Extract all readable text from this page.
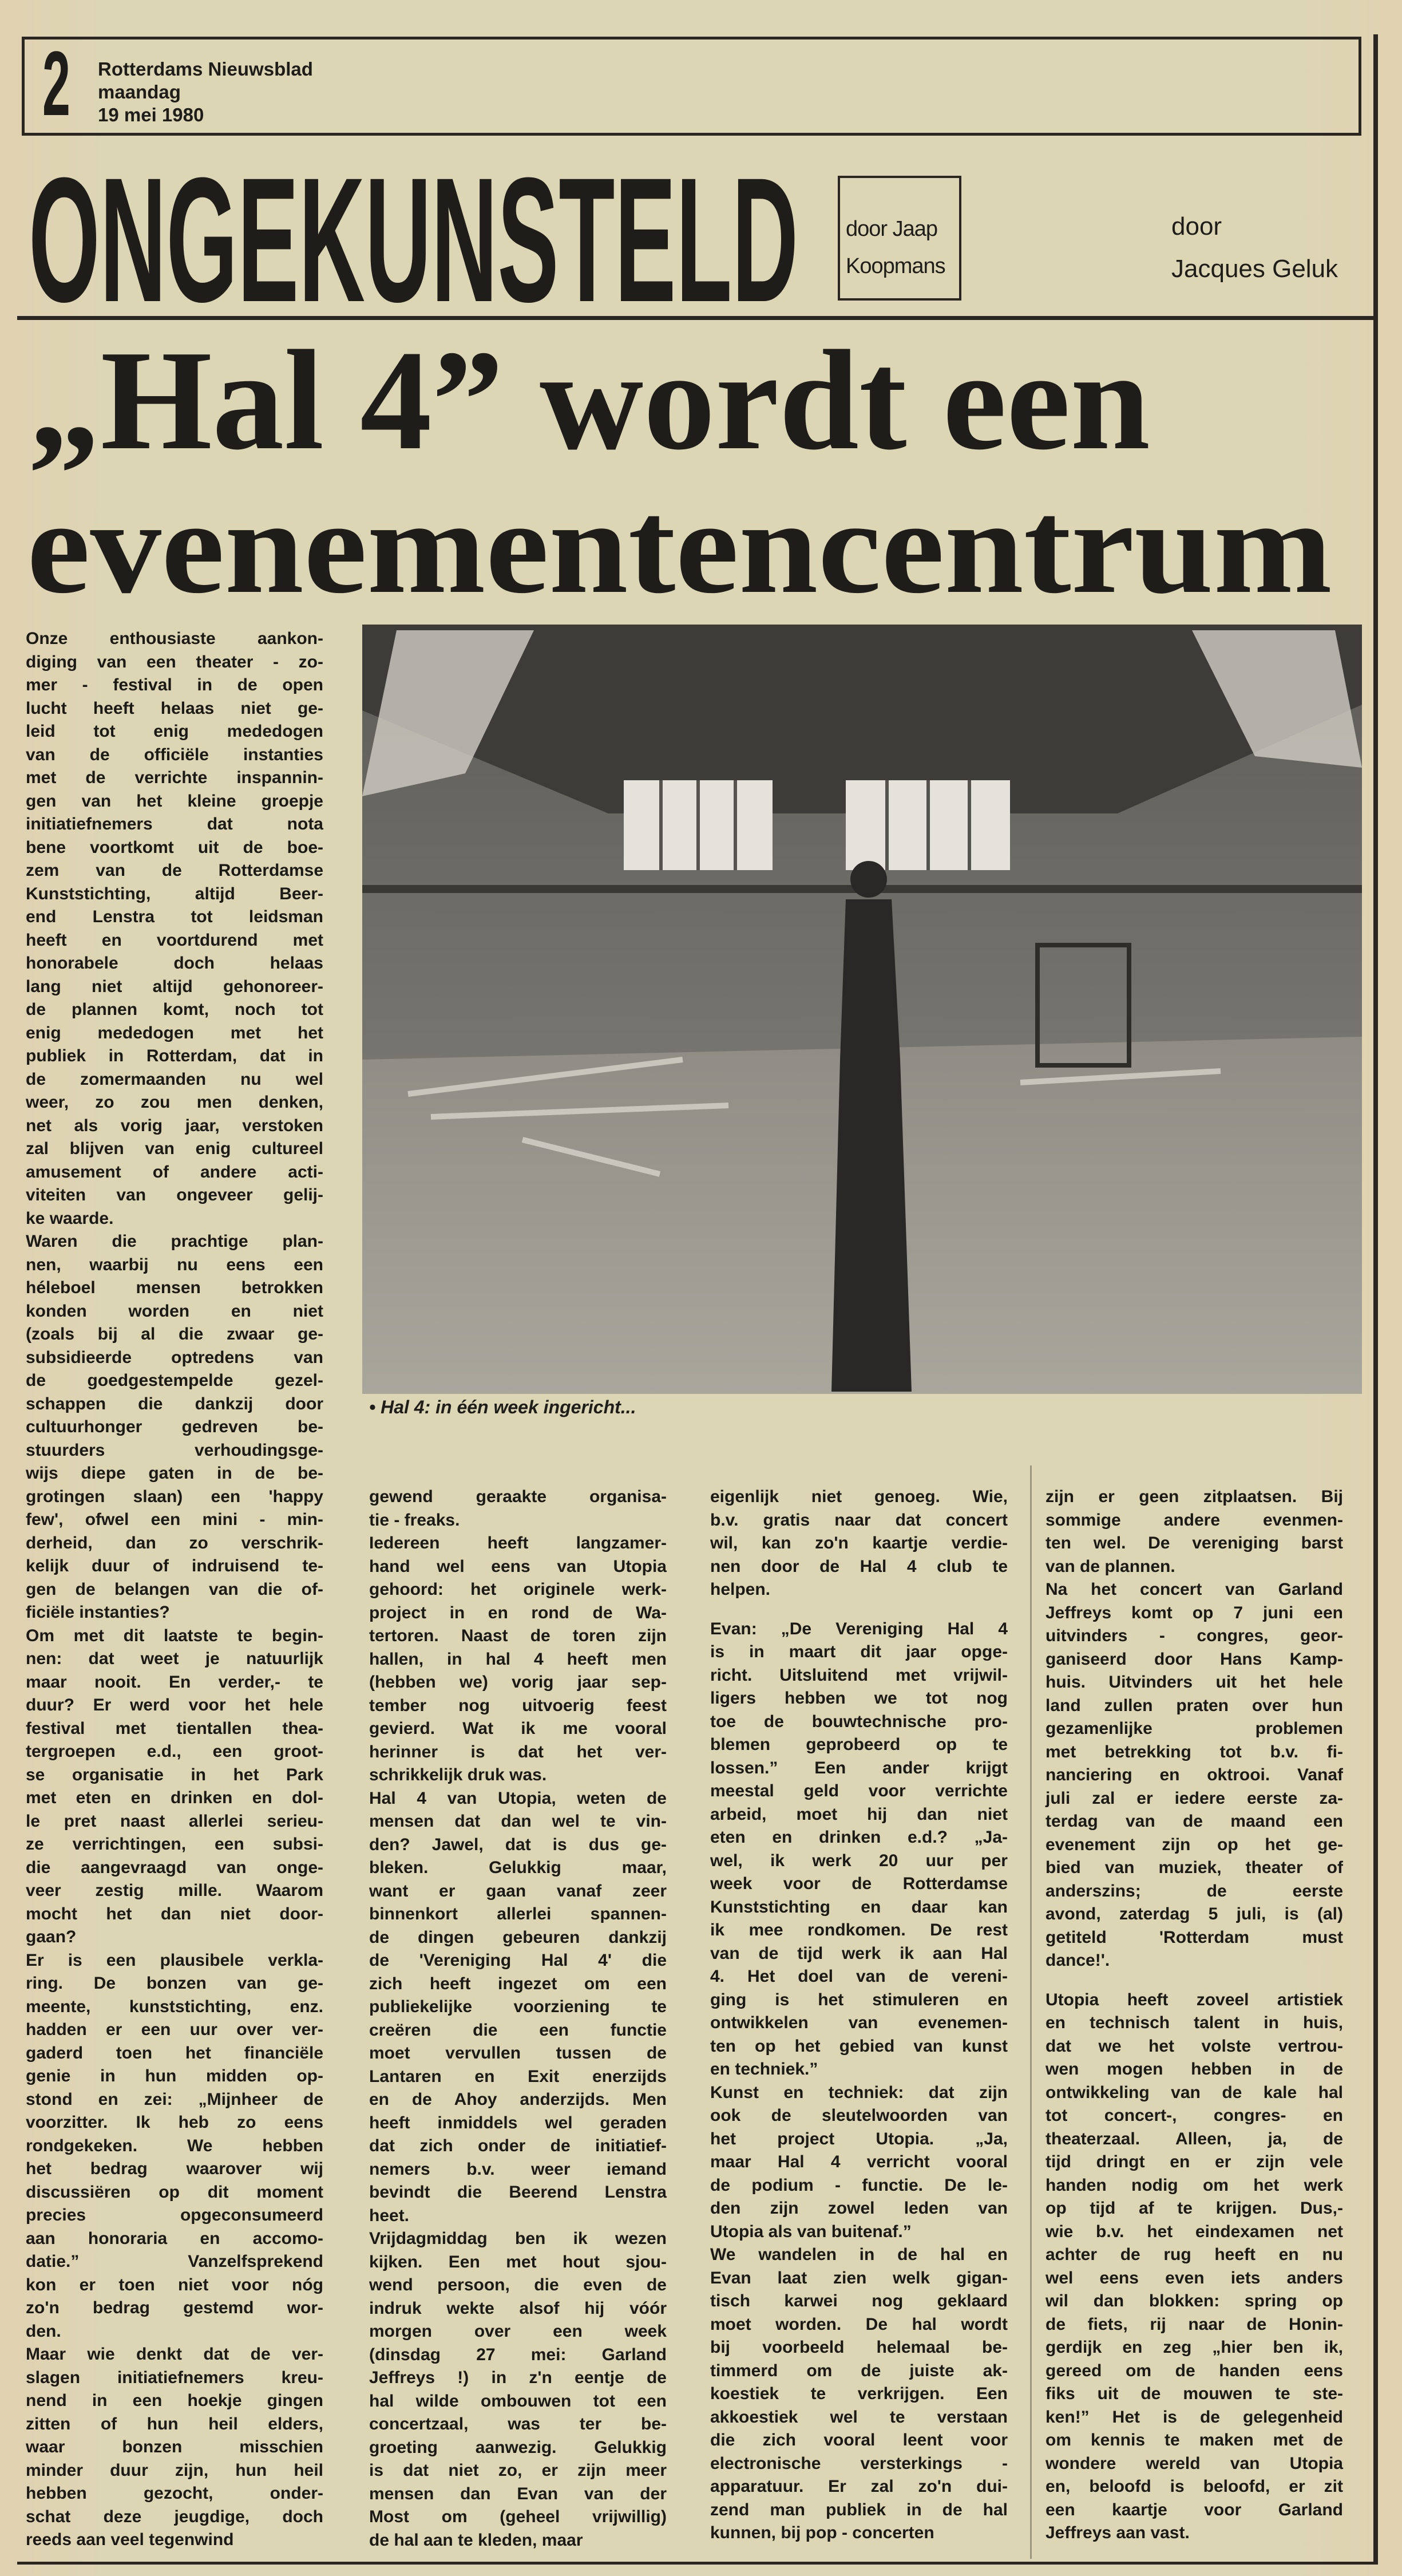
2 Rotterdams Nieuwsblad
maandag
19 mei 1980
ONGEKUNSTELD door Jaap
Koopmans
door
Jacques Geluk
„Hal 4” wordt een
evenementencentrum
• Hal 4: in één week ingericht...
Onze enthousiaste aankon-
diging van een theater - zo-
mer - festival in de open
lucht heeft helaas niet ge-
leid tot enig mededogen
van de officiële instanties
met de verrichte inspannin-
gen van het kleine groepje
initiatiefnemers dat nota
bene voortkomt uit de boe-
zem van de Rotterdamse
Kunststichting, altijd Beer-
end Lenstra tot leidsman
heeft en voortdurend met
honorabele doch helaas
lang niet altijd gehonoreer-
de plannen komt, noch tot
enig mededogen met het
publiek in Rotterdam, dat in
de zomermaanden nu wel
weer, zo zou men denken,
net als vorig jaar, verstoken
zal blijven van enig cultureel
amusement of andere acti-
viteiten van ongeveer gelij-
ke waarde.
Waren die prachtige plan-
nen, waarbij nu eens een
héleboel mensen betrokken
konden worden en niet
(zoals bij al die zwaar ge-
subsidieerde optredens van
de goedgestempelde gezel-
schappen die dankzij door
cultuurhonger gedreven be-
stuurders verhoudingsge-
wijs diepe gaten in de be-
grotingen slaan) een 'happy
few', ofwel een mini - min-
derheid, dan zo verschrik-
kelijk duur of indruisend te-
gen de belangen van die of-
ficiële instanties?
Om met dit laatste te begin-
nen: dat weet je natuurlijk
maar nooit. En verder,- te
duur? Er werd voor het hele
festival met tientallen thea-
tergroepen e.d., een groot-
se organisatie in het Park
met eten en drinken en dol-
le pret naast allerlei serieu-
ze verrichtingen, een subsi-
die aangevraagd van onge-
veer zestig mille. Waarom
mocht het dan niet door-
gaan?
Er is een plausibele verkla-
ring. De bonzen van ge-
meente, kunststichting, enz.
hadden er een uur over ver-
gaderd toen het financiële
genie in hun midden op-
stond en zei: „Mijnheer de
voorzitter. Ik heb zo eens
rondgekeken. We hebben
het bedrag waarover wij
discussiëren op dit moment
precies opgeconsumeerd
aan honoraria en accomo-
datie.” Vanzelfsprekend
kon er toen niet voor nóg
zo'n bedrag gestemd wor-
den.
Maar wie denkt dat de ver-
slagen initiatiefnemers kreu-
nend in een hoekje gingen
zitten of hun heil elders,
waar bonzen misschien
minder duur zijn, hun heil
hebben gezocht, onder-
schat deze jeugdige, doch
reeds aan veel tegenwind
gewend geraakte organisa-
tie - freaks.
Iedereen heeft langzamer-
hand wel eens van Utopia
gehoord: het originele werk-
project in en rond de Wa-
tertoren. Naast de toren zijn
hallen, in hal 4 heeft men
(hebben we) vorig jaar sep-
tember nog uitvoerig feest
gevierd. Wat ik me vooral
herinner is dat het ver-
schrikkelijk druk was.
Hal 4 van Utopia, weten de
mensen dat dan wel te vin-
den? Jawel, dat is dus ge-
bleken. Gelukkig maar,
want er gaan vanaf zeer
binnenkort allerlei spannen-
de dingen gebeuren dankzij
de 'Vereniging Hal 4' die
zich heeft ingezet om een
publiekelijke voorziening te
creëren die een functie
moet vervullen tussen de
Lantaren en Exit enerzijds
en de Ahoy anderzijds. Men
heeft inmiddels wel geraden
dat zich onder de initiatief-
nemers b.v. weer iemand
bevindt die Beerend Lenstra
heet.
Vrijdagmiddag ben ik wezen
kijken. Een met hout sjou-
wend persoon, die even de
indruk wekte alsof hij vóór
morgen over een week
(dinsdag 27 mei: Garland
Jeffreys !) in z'n eentje de
hal wilde ombouwen tot een
concertzaal, was ter be-
groeting aanwezig. Gelukkig
is dat niet zo, er zijn meer
mensen dan Evan van der
Most om (geheel vrijwillig)
de hal aan te kleden, maar
eigenlijk niet genoeg. Wie,
b.v. gratis naar dat concert
wil, kan zo'n kaartje verdie-
nen door de Hal 4 club te
helpen.
Evan: „De Vereniging Hal 4
is in maart dit jaar opge-
richt. Uitsluitend met vrijwil-
ligers hebben we tot nog
toe de bouwtechnische pro-
blemen geprobeerd op te
lossen.” Een ander krijgt
meestal geld voor verrichte
arbeid, moet hij dan niet
eten en drinken e.d.? „Ja-
wel, ik werk 20 uur per
week voor de Rotterdamse
Kunststichting en daar kan
ik mee rondkomen. De rest
van de tijd werk ik aan Hal
4. Het doel van de vereni-
ging is het stimuleren en
ontwikkelen van evenemen-
ten op het gebied van kunst
en techniek.”
Kunst en techniek: dat zijn
ook de sleutelwoorden van
het project Utopia. „Ja,
maar Hal 4 verricht vooral
de podium - functie. De le-
den zijn zowel leden van
Utopia als van buitenaf.”
We wandelen in de hal en
Evan laat zien welk gigan-
tisch karwei nog geklaard
moet worden. De hal wordt
bij voorbeeld helemaal be-
timmerd om de juiste ak-
koestiek te verkrijgen. Een
akkoestiek wel te verstaan
die zich vooral leent voor
electronische versterkings -
apparatuur. Er zal zo'n dui-
zend man publiek in de hal
kunnen, bij pop - concerten
zijn er geen zitplaatsen. Bij
sommige andere evenmen-
ten wel. De vereniging barst
van de plannen.
Na het concert van Garland
Jeffreys komt op 7 juni een
uitvinders - congres, geor-
ganiseerd door Hans Kamp-
huis. Uitvinders uit het hele
land zullen praten over hun
gezamenlijke problemen
met betrekking tot b.v. fi-
nanciering en oktrooi. Vanaf
juli zal er iedere eerste za-
terdag van de maand een
evenement zijn op het ge-
bied van muziek, theater of
anderszins; de eerste
avond, zaterdag 5 juli, is (al)
getiteld 'Rotterdam must
dance!'.
Utopia heeft zoveel artistiek
en technisch talent in huis,
dat we het volste vertrou-
wen mogen hebben in de
ontwikkeling van de kale hal
tot concert-, congres- en
theaterzaal. Alleen, ja, de
tijd dringt en er zijn vele
handen nodig om het werk
op tijd af te krijgen. Dus,-
wie b.v. het eindexamen net
achter de rug heeft en nu
wel eens even iets anders
wil dan blokken: spring op
de fiets, rij naar de Honin-
gerdijk en zeg „hier ben ik,
gereed om de handen eens
fiks uit de mouwen te ste-
ken!” Het is de gelegenheid
om kennis te maken met de
wondere wereld van Utopia
en, beloofd is beloofd, er zit
een kaartje voor Garland
Jeffreys aan vast.
